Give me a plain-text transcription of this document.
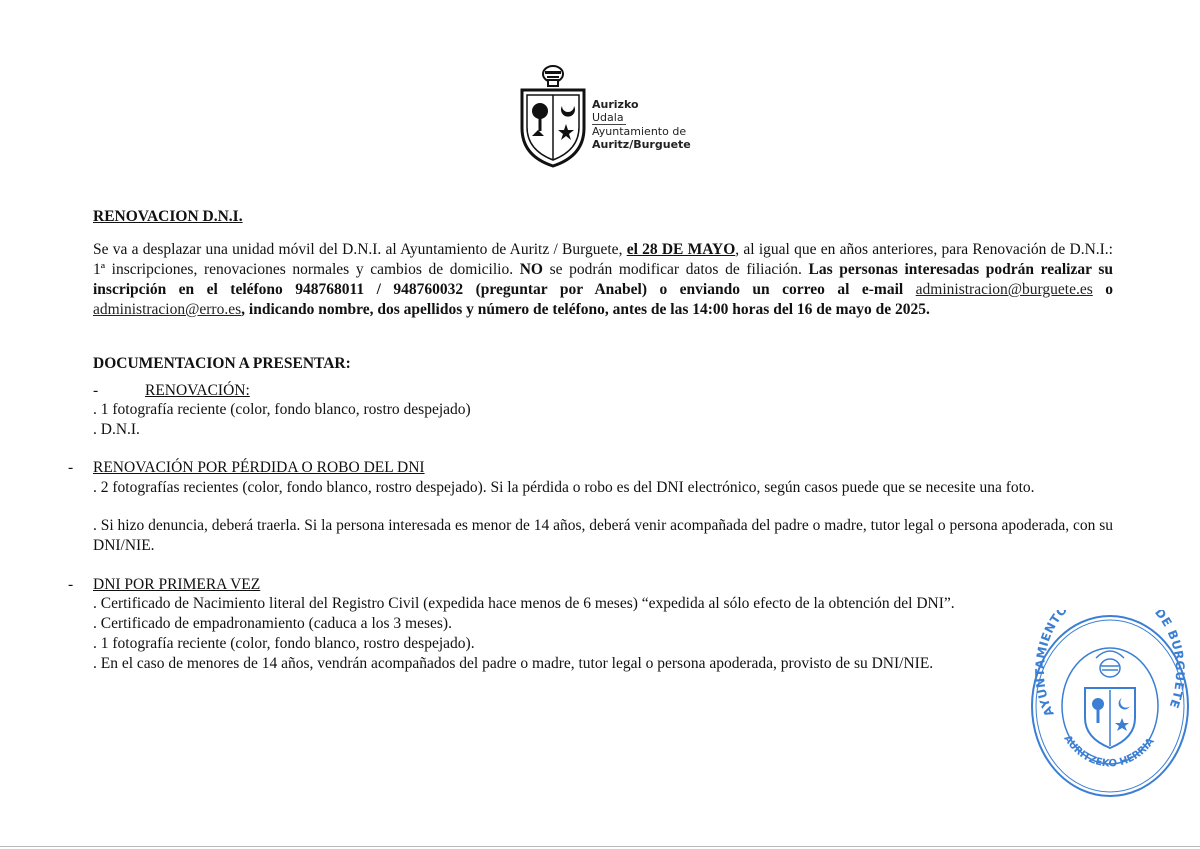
Aurizko
Udala
Ayuntamiento de
Auritz/Burguete
RENOVACION D.N.I.
Se va a desplazar una unidad móvil del D.N.I. al Ayuntamiento de Auritz / Burguete, el 28 DE MAYO, al igual que en años anteriores, para Renovación de D.N.I.: 1ª inscripciones, renovaciones normales y cambios de domicilio. NO se podrán modificar datos de filiación. Las personas interesadas podrán realizar su inscripción en el teléfono 948768011 / 948760032 (preguntar por Anabel) o enviando un correo al e-mail administracion@burguete.es o administracion@erro.es, indicando nombre, dos apellidos y número de teléfono, antes de las 14:00 horas del 16 de mayo de 2025.
DOCUMENTACION A PRESENTAR:
-	RENOVACIÓN:
. 1 fotografía reciente (color, fondo blanco, rostro despejado)
. D.N.I.
- RENOVACIÓN POR PÉRDIDA O ROBO DEL DNI
. 2 fotografías recientes (color, fondo blanco, rostro despejado). Si la pérdida o robo es del DNI electrónico, según casos puede que se necesite una foto.
. Si hizo denuncia, deberá traerla. Si la persona interesada es menor de 14 años, deberá venir acompañada del padre o madre, tutor legal o persona apoderada, con su DNI/NIE.
- DNI POR PRIMERA VEZ
. Certificado de Nacimiento literal del Registro Civil (expedida hace menos de 6 meses) “expedida al sólo efecto de la obtención del DNI”.
. Certificado de empadronamiento (caduca a los 3 meses).
. 1 fotografía reciente (color, fondo blanco, rostro despejado).
. En el caso de menores de 14 años, vendrán acompañados del padre o madre, tutor legal o persona apoderada, provisto de su DNI/NIE.
AYUNTAMIENTO DE BURGUETE
AURITZEKO HERRIA
